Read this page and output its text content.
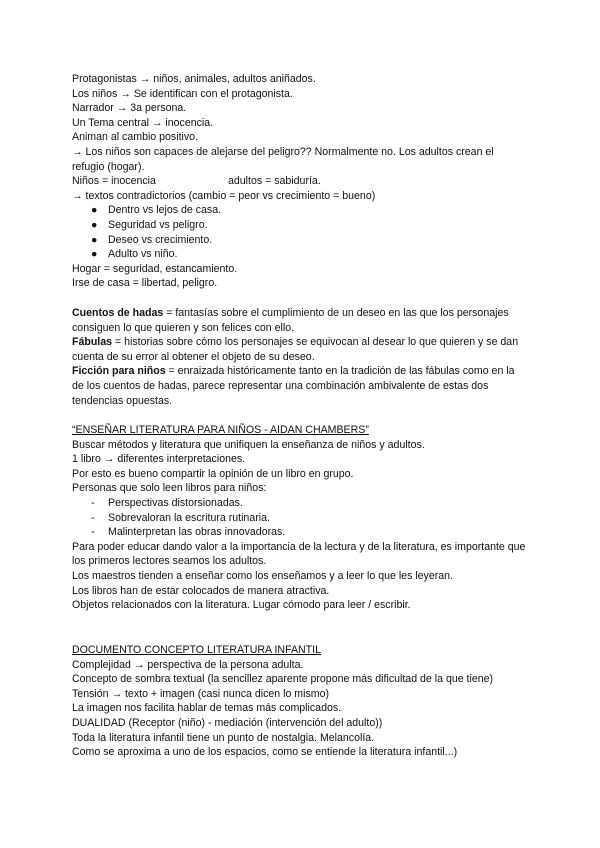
Protagonistas → niños, animales, adultos aniñados.
Los niños → Se identifican con el protagonista.
Narrador → 3a persona.
Un Tema central → inocencia.
Animan al cambio positivo.
→ Los niños son capaces de alejarse del peligro?? Normalmente no. Los adultos crean el refugio (hogar).
Niños = inocencia	adultos = sabiduría.
→ textos contradictorios (cambio = peor vs crecimiento = bueno)
● Dentro vs lejos de casa.
● Seguridad vs peligro.
● Deseo vs crecimiento.
● Adulto vs niño.
Hogar = seguridad, estancamiento.
Irse de casa = libertad, peligro.
Cuentos de hadas = fantasías sobre el cumplimiento de un deseo en las que los personajes consiguen lo que quieren y son felices con ello.
Fábulas = historias sobre cómo los personajes se equivocan al desear lo que quieren y se dan cuenta de su error al obtener el objeto de su deseo.
Ficción para niños = enraizada históricamente tanto en la tradición de las fábulas como en la de los cuentos de hadas, parece representar una combinación ambivalente de estas dos tendencias opuestas.
“ENSEÑAR LITERATURA PARA NIÑOS - AIDAN CHAMBERS”
Buscar métodos y literatura que unifiquen la enseñanza de niños y adultos.
1 libro → diferentes interpretaciones.
Por esto es bueno compartir la opinión de un libro en grupo.
Personas que solo leen libros para niños:
- Perspectivas distorsionadas.
- Sobrevaloran la escritura rutinaria.
- Malinterpretan las obras innovadoras.
Para poder educar dando valor a la importancia de la lectura y de la literatura, es importante que los primeros lectores seamos los adultos.
Los maestros tienden a enseñar como los enseñamos y a leer lo que les leyeran.
Los libros han de estar colocados de manera atractiva.
Objetos relacionados con la literatura. Lugar cómodo para leer / escribir.
DOCUMENTO CONCEPTO LITERATURA INFANTIL
Complejidad → perspectiva de la persona adulta.
Concepto de sombra textual (la sencillez aparente propone más dificultad de la que tiene)
Tensión → texto + imagen (casi nunca dicen lo mismo)
La imagen nos facilita hablar de temas más complicados.
DUALIDAD (Receptor (niño) - mediación (intervención del adulto))
Toda la literatura infantil tiene un punto de nostalgia. Melancolía.
Como se aproxima a uno de los espacios, como se entiende la literatura infantil...)
